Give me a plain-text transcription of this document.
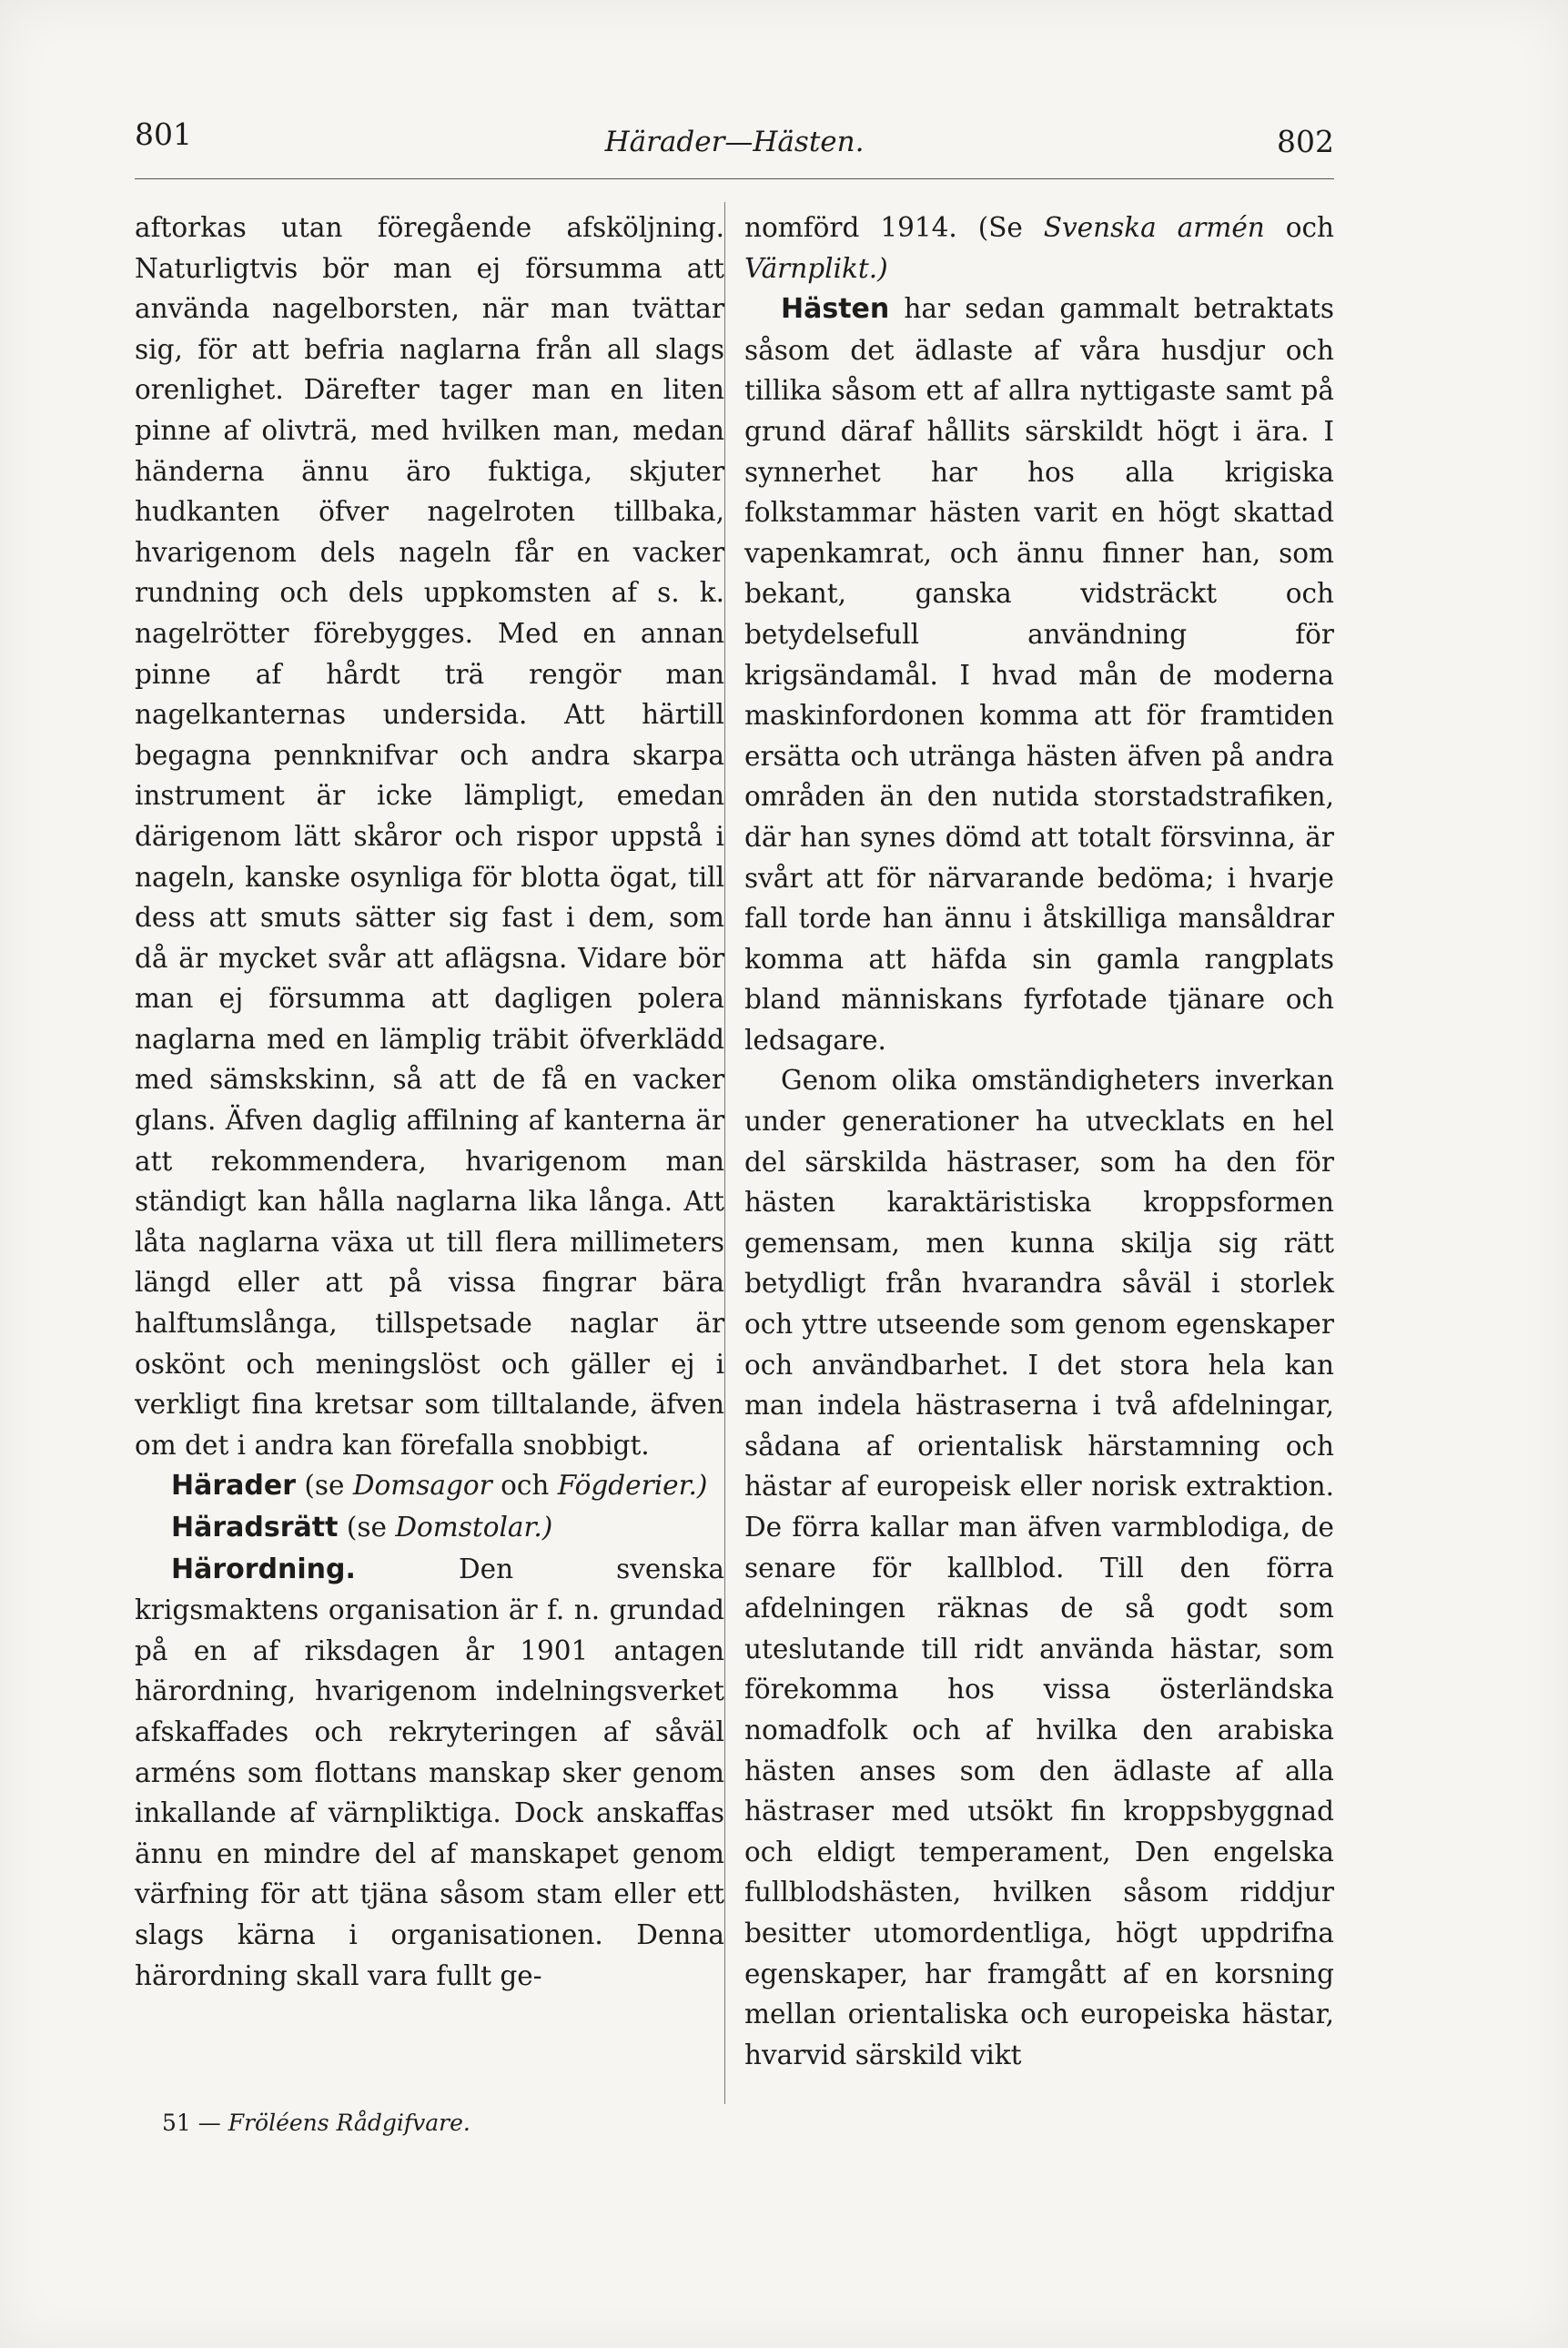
801	Härader—Hästen.	802

aftorkas utan föregående afsköljning. Naturligtvis bör man ej försumma att använda nagelborsten, när man tvättar sig, för att befria naglarna från all slags orenlighet. Därefter tager man en liten pinne af olivträ, med hvilken man, medan händerna ännu äro fuktiga, skjuter hudkanten öfver nagelroten tillbaka, hvarigenom dels nageln får en vacker rundning och dels uppkomsten af s. k. nagelrötter förebygges. Med en annan pinne af hårdt trä rengör man nagelkanternas undersida. Att härtill begagna pennknifvar och andra skarpa instrument är icke lämpligt, emedan därigenom lätt skåror och rispor uppstå i nageln, kanske osynliga för blotta ögat, till dess att smuts sätter sig fast i dem, som då är mycket svår att aflägsna. Vidare bör man ej försumma att dagligen polera naglarna med en lämplig träbit öfverklädd med sämskskinn, så att de få en vacker glans. Äfven daglig affilning af kanterna är att rekommendera, hvarigenom man ständigt kan hålla naglarna lika långa. Att låta naglarna växa ut till flera millimeters längd eller att på vissa fingrar bära halftumslånga, tillspetsade naglar är oskönt och meningslöst och gäller ej i verkligt fina kretsar som tilltalande, äfven om det i andra kan förefalla snobbigt.

Härader (se Domsagor och Fögderier.)

Häradsrätt (se Domstolar.)

Härordning. Den svenska krigsmaktens organisation är f. n. grundad på en af riksdagen år 1901 antagen härordning, hvarigenom indelningsverket afskaffades och rekryteringen af såväl arméns som flottans manskap sker genom inkallande af värnpliktiga. Dock anskaffas ännu en mindre del af manskapet genom värfning för att tjäna såsom stam eller ett slags kärna i organisationen. Denna härordning skall vara fullt ge-

nomförd 1914. (Se Svenska armén och Värnplikt.)

Hästen har sedan gammalt betraktats såsom det ädlaste af våra husdjur och tillika såsom ett af allra nyttigaste samt på grund däraf hållits särskildt högt i ära. I synnerhet har hos alla krigiska folkstammar hästen varit en högt skattad vapenkamrat, och ännu finner han, som bekant, ganska vidsträckt och betydelsefull användning för krigsändamål. I hvad mån de moderna maskinfordonen komma att för framtiden ersätta och utränga hästen äfven på andra områden än den nutida storstadstrafiken, där han synes dömd att totalt försvinna, är svårt att för närvarande bedöma; i hvarje fall torde han ännu i åtskilliga mansåldrar komma att häfda sin gamla rangplats bland människans fyrfotade tjänare och ledsagare.

Genom olika omständigheters inverkan under generationer ha utvecklats en hel del särskilda hästraser, som ha den för hästen karaktäristiska kroppsformen gemensam, men kunna skilja sig rätt betydligt från hvarandra såväl i storlek och yttre utseende som genom egenskaper och användbarhet. I det stora hela kan man indela hästraserna i två afdelningar, sådana af orientalisk härstamning och hästar af europeisk eller norisk extraktion. De förra kallar man äfven varmblodiga, de senare för kallblod. Till den förra afdelningen räknas de så godt som uteslutande till ridt använda hästar, som förekomma hos vissa österländska nomadfolk och af hvilka den arabiska hästen anses som den ädlaste af alla hästraser med utsökt fin kroppsbyggnad och eldigt temperament, Den engelska fullblodshästen, hvilken såsom riddjur besitter utomordentliga, högt uppdrifna egenskaper, har framgått af en korsning mellan orientaliska och europeiska hästar, hvarvid särskild vikt

51 — Fröléens Rådgifvare.
